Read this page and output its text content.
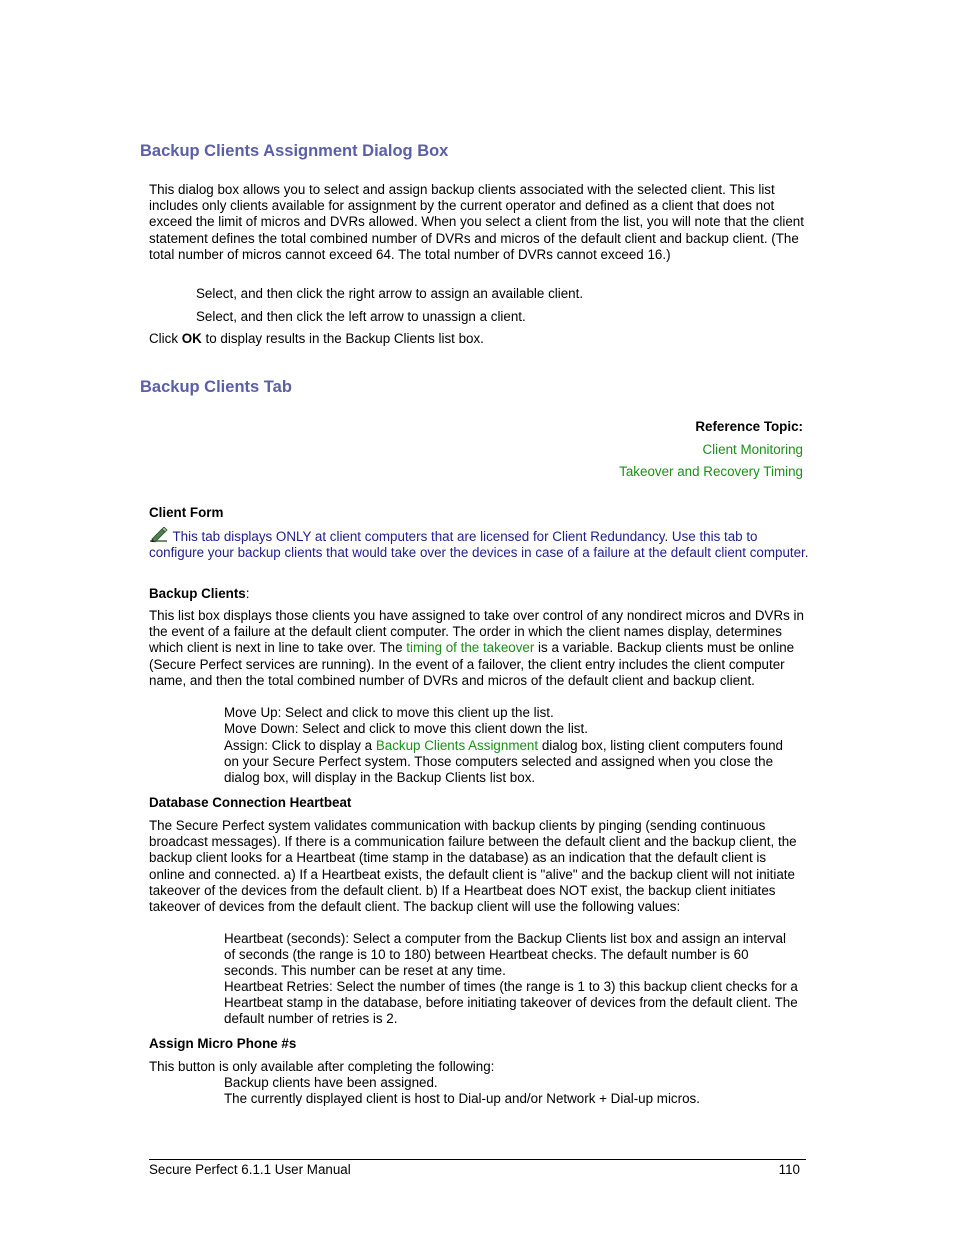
Backup Clients Assignment Dialog Box

This dialog box allows you to select and assign backup clients associated with the selected client. This list includes only clients available for assignment by the current operator and defined as a client that does not exceed the limit of micros and DVRs allowed. When you select a client from the list, you will note that the client statement defines the total combined number of DVRs and micros of the default client and backup client. (The total number of micros cannot exceed 64. The total number of DVRs cannot exceed 16.)

Select, and then click the right arrow to assign an available client.

Select, and then click the left arrow to unassign a client.

Click OK to display results in the Backup Clients list box.

Backup Clients Tab
Reference Topic:
Client Monitoring
Takeover and Recovery Timing

Client Form

This tab displays ONLY at client computers that are licensed for Client Redundancy. Use this tab to configure your backup clients that would take over the devices in case of a failure at the default client computer.

Backup Clients:

This list box displays those clients you have assigned to take over control of any nondirect micros and DVRs in the event of a failure at the default client computer. The order in which the client names display, determines which client is next in line to take over. The timing of the takeover is a variable. Backup clients must be online (Secure Perfect services are running). In the event of a failover, the client entry includes the client computer name, and then the total combined number of DVRs and micros of the default client and backup client.

Move Up: Select and click to move this client up the list.

Move Down: Select and click to move this client down the list.

Assign: Click to display a Backup Clients Assignment dialog box, listing client computers found on your Secure Perfect system. Those computers selected and assigned when you close the dialog box, will display in the Backup Clients list box.

Database Connection Heartbeat

The Secure Perfect system validates communication with backup clients by pinging (sending continuous broadcast messages). If there is a communication failure between the default client and the backup client, the backup client looks for a Heartbeat (time stamp in the database) as an indication that the default client is online and connected. a) If a Heartbeat exists, the default client is "alive" and the backup client will not initiate takeover of the devices from the default client. b) If a Heartbeat does NOT exist, the backup client initiates takeover of devices from the default client. The backup client will use the following values:

Heartbeat (seconds): Select a computer from the Backup Clients list box and assign an interval of seconds (the range is 10 to 180) between Heartbeat checks. The default number is 60 seconds. This number can be reset at any time.

Heartbeat Retries: Select the number of times (the range is 1 to 3) this backup client checks for a Heartbeat stamp in the database, before initiating takeover of devices from the default client. The default number of retries is 2.

Assign Micro Phone #s

This button is only available after completing the following:

Backup clients have been assigned.

The currently displayed client is host to Dial-up and/or Network + Dial-up micros.

Secure Perfect 6.1.1 User Manual	110
